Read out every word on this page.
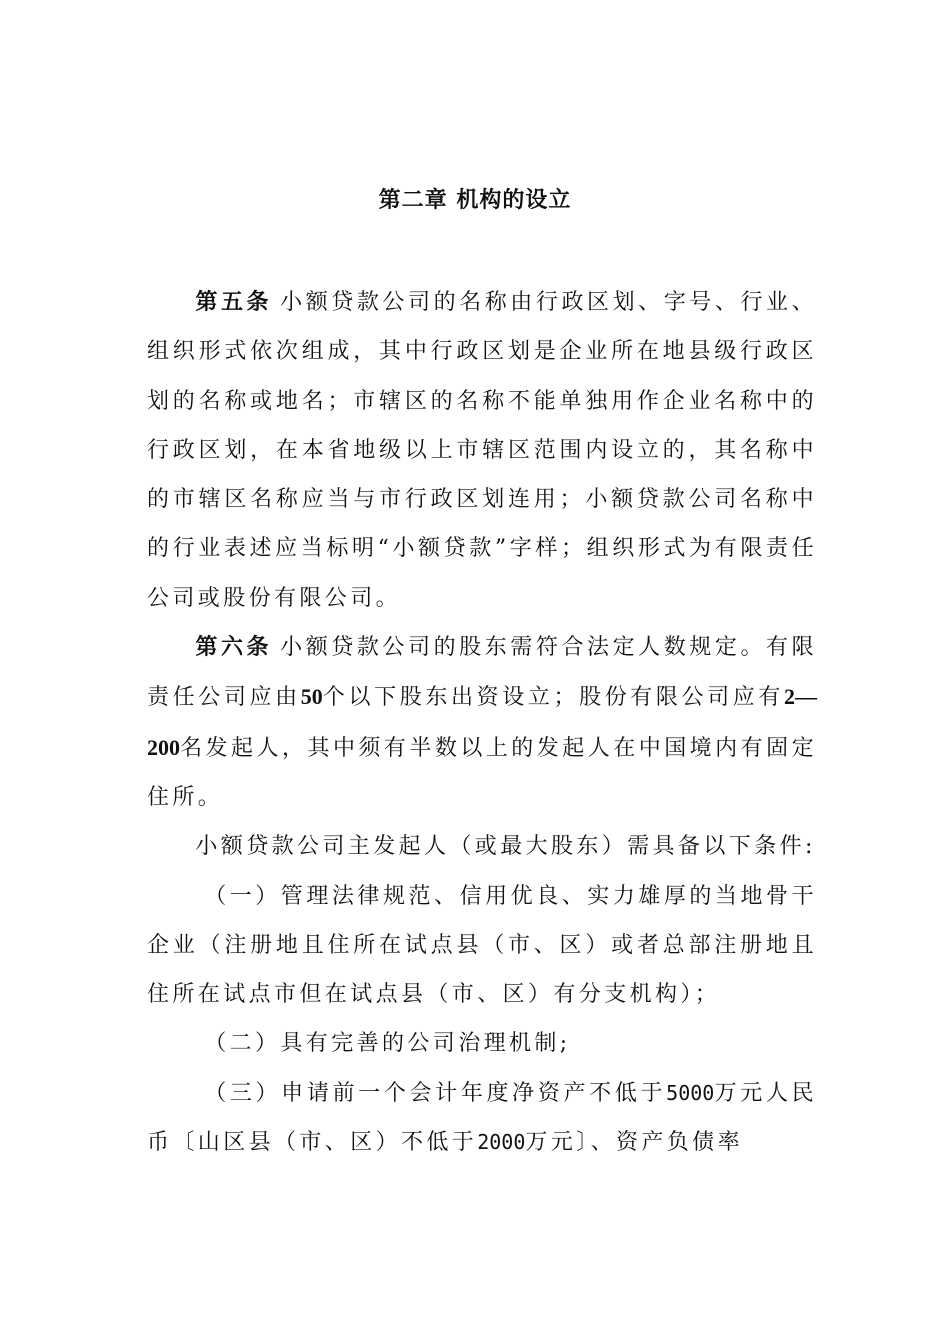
第二章 机构的设立

第五条 小额贷款公司的名称由行政区划、字号、行业、组织形式依次组成，其中行政区划是企业所在地县级行政区划的名称或地名；市辖区的名称不能单独用作企业名称中的行政区划，在本省地级以上市辖区范围内设立的，其名称中的市辖区名称应当与市行政区划连用；小额贷款公司名称中的行业表述应当标明“小额贷款”字样；组织形式为有限责任公司或股份有限公司。

第六条 小额贷款公司的股东需符合法定人数规定。有限责任公司应由50个以下股东出资设立；股份有限公司应有2—200名发起人，其中须有半数以上的发起人在中国境内有固定住所。

小额贷款公司主发起人（或最大股东）需具备以下条件:

（一）管理法律规范、信用优良、实力雄厚的当地骨干企业（注册地且住所在试点县（市、区）或者总部注册地且住所在试点市但在试点县（市、区）有分支机构）；

（二）具有完善的公司治理机制;

（三）申请前一个会计年度净资产不低于5000万元人民币〔山区县（市、区）不低于2000万元〕、资产负债率
